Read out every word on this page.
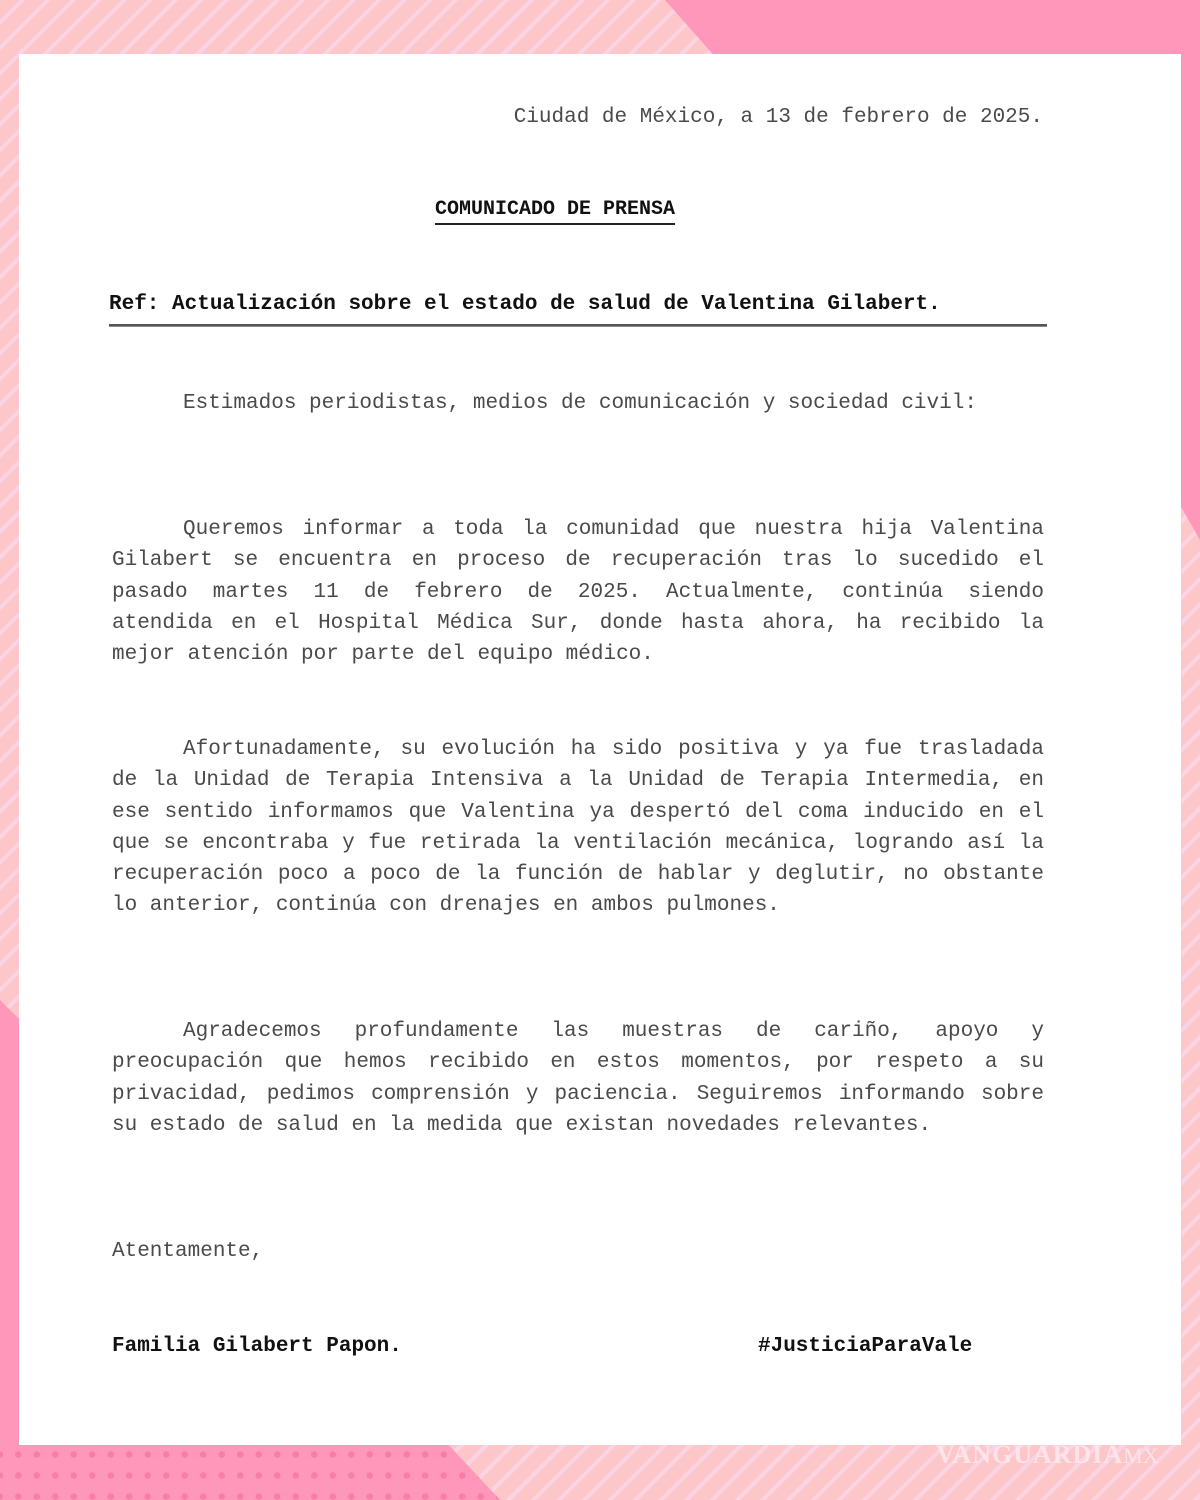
Ciudad de México, a 13 de febrero de 2025.
COMUNICADO DE PRENSA
Ref: Actualización sobre el estado de salud de Valentina Gilabert.

Estimados periodistas, medios de comunicación y sociedad civil:

Queremos informar a toda la comunidad que nuestra hija Valentina Gilabert se encuentra en proceso de recuperación tras lo sucedido el pasado martes 11 de febrero de 2025. Actualmente, continúa siendo atendida en el Hospital Médica Sur, donde hasta ahora, ha recibido la mejor atención por parte del equipo médico.

Afortunadamente, su evolución ha sido positiva y ya fue trasladada de la Unidad de Terapia Intensiva a la Unidad de Terapia Intermedia, en ese sentido informamos que Valentina ya despertó del coma inducido en el que se encontraba y fue retirada la ventilación mecánica, logrando así la recuperación poco a poco de la función de hablar y deglutir, no obstante lo anterior, continúa con drenajes en ambos pulmones.

Agradecemos profundamente las muestras de cariño, apoyo y preocupación que hemos recibido en estos momentos, por respeto a su privacidad, pedimos comprensión y paciencia. Seguiremos informando sobre su estado de salud en la medida que existan novedades relevantes.

Atentamente,
Familia Gilabert Papon.	#JusticiaParaVale
VANGUARDIAMX
